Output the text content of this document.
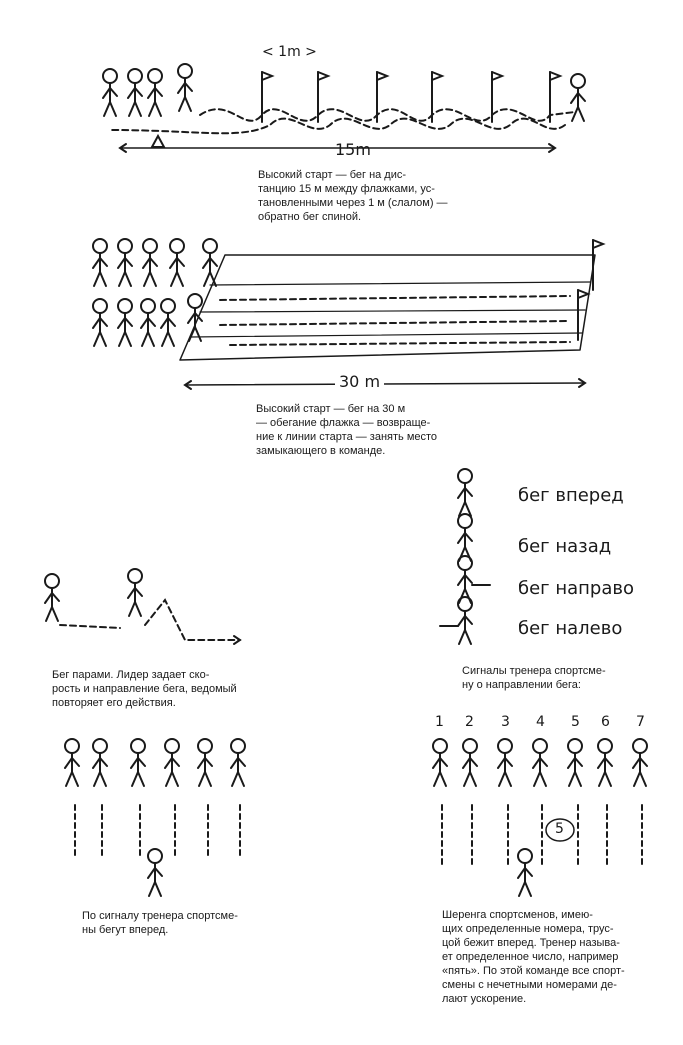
< 1m >
15m
Высокий старт — бег на дис-
танцию 15 м между флажками, ус-
тановленными через 1 м (слалом) —
обратно бег спиной.
30 m
Высокий старт — бег на 30 м
— обегание флажка — возвраще-
ние к линии старта — занять место
замыкающего в команде.
Бег парами. Лидер задает ско-
рость и направление бега, ведомый
повторяет его действия.
бег вперед
бег назад
бег направо
бег налево
Сигналы тренера спортсме-
ну о направлении бега:
По сигналу тренера спортсме-
ны бегут вперед.
1 2 3 4 5 6 7
5
Шеренга спортсменов, имею-
щих определенные номера, трус-
цой бежит вперед. Тренер называ-
ет определенное число, например
«пять». По этой команде все спорт-
смены с нечетными номерами де-
лают ускорение.
